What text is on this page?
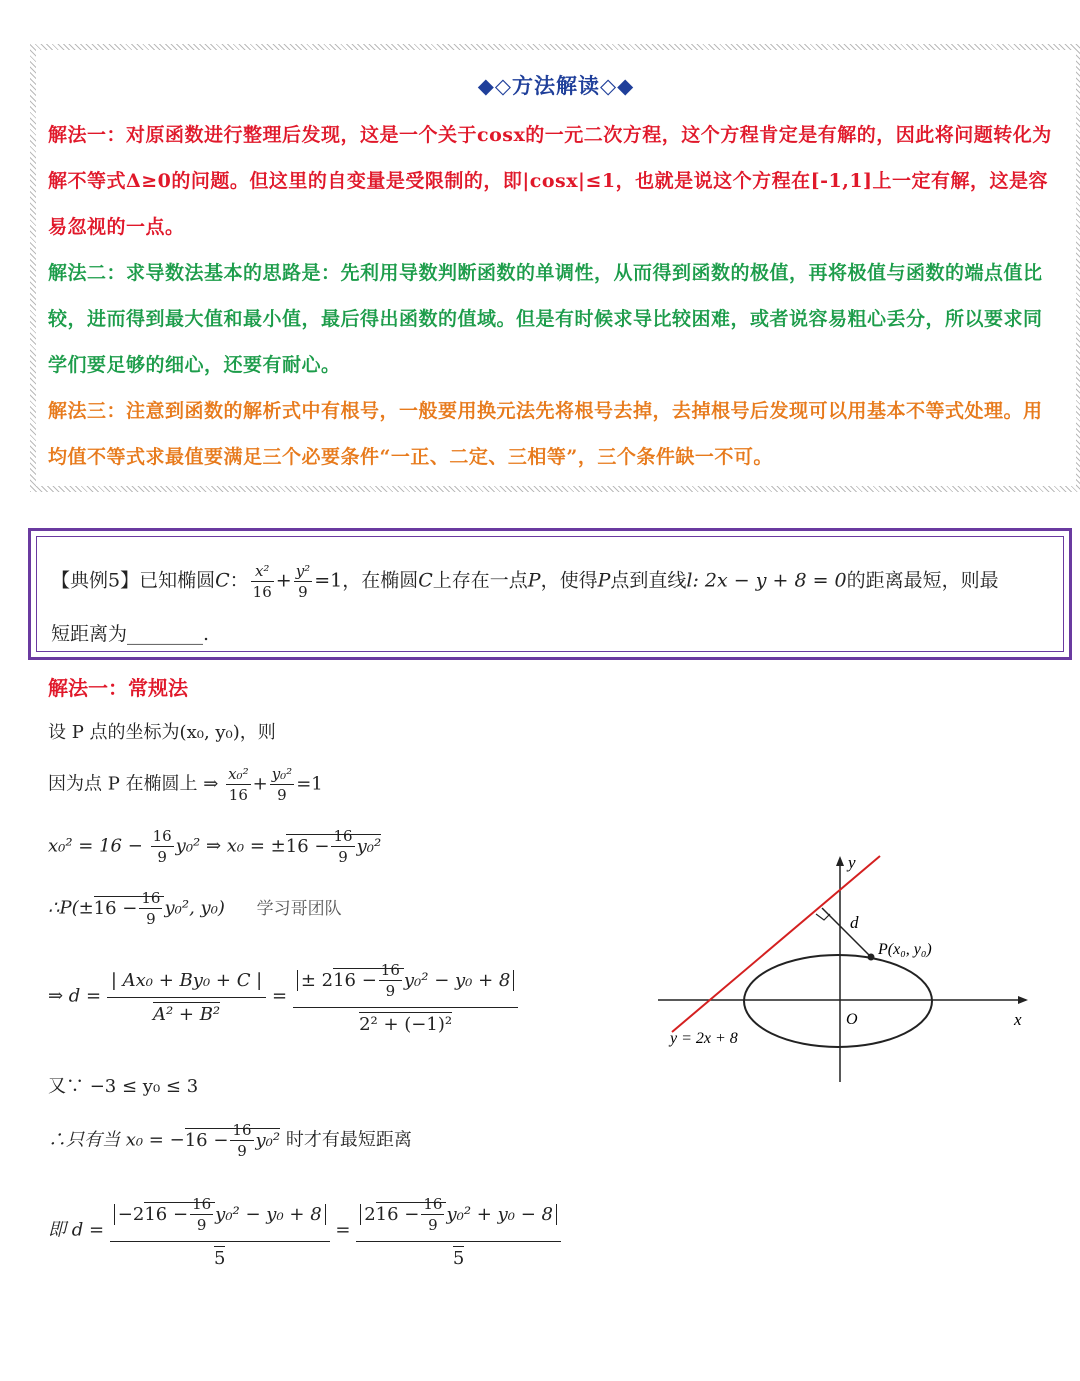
◆◇方法解读◇◆
解法一：对原函数进行整理后发现，这是一个关于cosx的一元二次方程，这个方程肯定是有解的，因此将问题转化为解不等式Δ≥0的问题。但这里的自变量是受限制的，即|cosx|≤1，也就是说这个方程在[-1,1]上一定有解，这是容易忽视的一点。
解法二：求导数法基本的思路是：先利用导数判断函数的单调性，从而得到函数的极值，再将极值与函数的端点值比较，进而得到最大值和最小值，最后得出函数的值域。但是有时候求导比较困难，或者说容易粗心丢分，所以要求同学们要足够的细心，还要有耐心。
解法三：注意到函数的解析式中有根号，一般要用换元法先将根号去掉，去掉根号后发现可以用基本不等式处理。用均值不等式求最值要满足三个必要条件“一正、二定、三相等”，三个条件缺一不可。
【典例5】已知椭圆C： $\frac{\text{x²}}{16} + \frac{\text{y²}}{9} =1$，在椭圆C上存在一点P，使得P点到直线l: 2x − y + 8 = 0的距离最短，则最
短距离为________.
解法一：常规法
设 P 点的坐标为(x₀, y₀)，则
因为点 P 在椭圆上 ⇒ $\frac{\text{x₀²}}{16} + \frac{\text{y₀²}}{9} =1$
$x_0^2 = 16 - \frac{16}{9} y_0^2$ ⇒ $x_0 = \pm 16 - \frac{16}{9} y_0^2$
∴P(±16 − $\frac{16}{9} y_0^2$, y₀) 学习哥团队
⇒ $d = \frac{\text{| Ax₀ + By₀ + C |}}{\text{A² + B²}} = \frac{\pm 216 - \frac{16}{9} y_0^2 - y_0 + 8}{\text{2² + (−1)²}}$
又∵ −3 ≤ y₀ ≤ 3
∴只有当 $x_0 = -16 - \frac{16}{9} y_0^2$ 时才有最短距离
即 $d = \frac{-216 - \frac{16}{9} y_0^2 - y_0 + 8}{5} = \frac{216 - \frac{16}{9} y_0^2 + y_0 - 8}{5}$
y
x
O
d
P(x₀, y₀)
y = 2x + 8
